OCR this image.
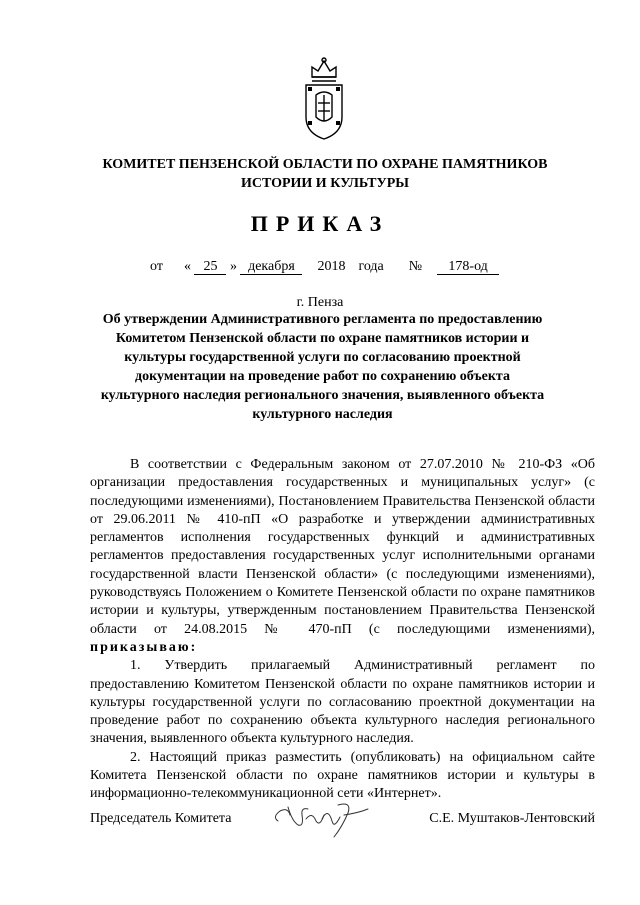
КОМИТЕТ ПЕНЗЕНСКОЙ ОБЛАСТИ ПО ОХРАНЕ ПАМЯТНИКОВ
ИСТОРИИ И КУЛЬТУРЫ
ПРИКАЗ
от « 25 » декабря 2018 года № 178-од
г. Пенза
Об утверждении Административного регламента по предоставлению Комитетом Пензенской области по охране памятников истории и культуры государственной услуги по согласованию проектной документации на проведение работ по сохранению объекта культурного наследия регионального значения, выявленного объекта культурного наследия

В соответствии с Федеральным законом от 27.07.2010 № 210-ФЗ «Об организации предоставления государственных и муниципальных услуг» (с последующими изменениями), Постановлением Правительства Пензенской области от 29.06.2011 № 410-пП «О разработке и утверждении административных регламентов исполнения государственных функций и административных регламентов предоставления государственных услуг исполнительными органами государственной власти Пензенской области» (с последующими изменениями), руководствуясь Положением о Комитете Пензенской области по охране памятников истории и культуры, утвержденным постановлением Правительства Пензенской области от 24.08.2015 № 470-пП (с последующими изменениями), приказываю:

1. Утвердить прилагаемый Административный регламент по предоставлению Комитетом Пензенской области по охране памятников истории и культуры государственной услуги по согласованию проектной документации на проведение работ по сохранению объекта культурного наследия регионального значения, выявленного объекта культурного наследия.

2. Настоящий приказ разместить (опубликовать) на официальном сайте Комитета Пензенской области по охране памятников истории и культуры в информационно-телекоммуникационной сети «Интернет».

Председатель Комитета	С.Е. Муштаков-Лентовский
